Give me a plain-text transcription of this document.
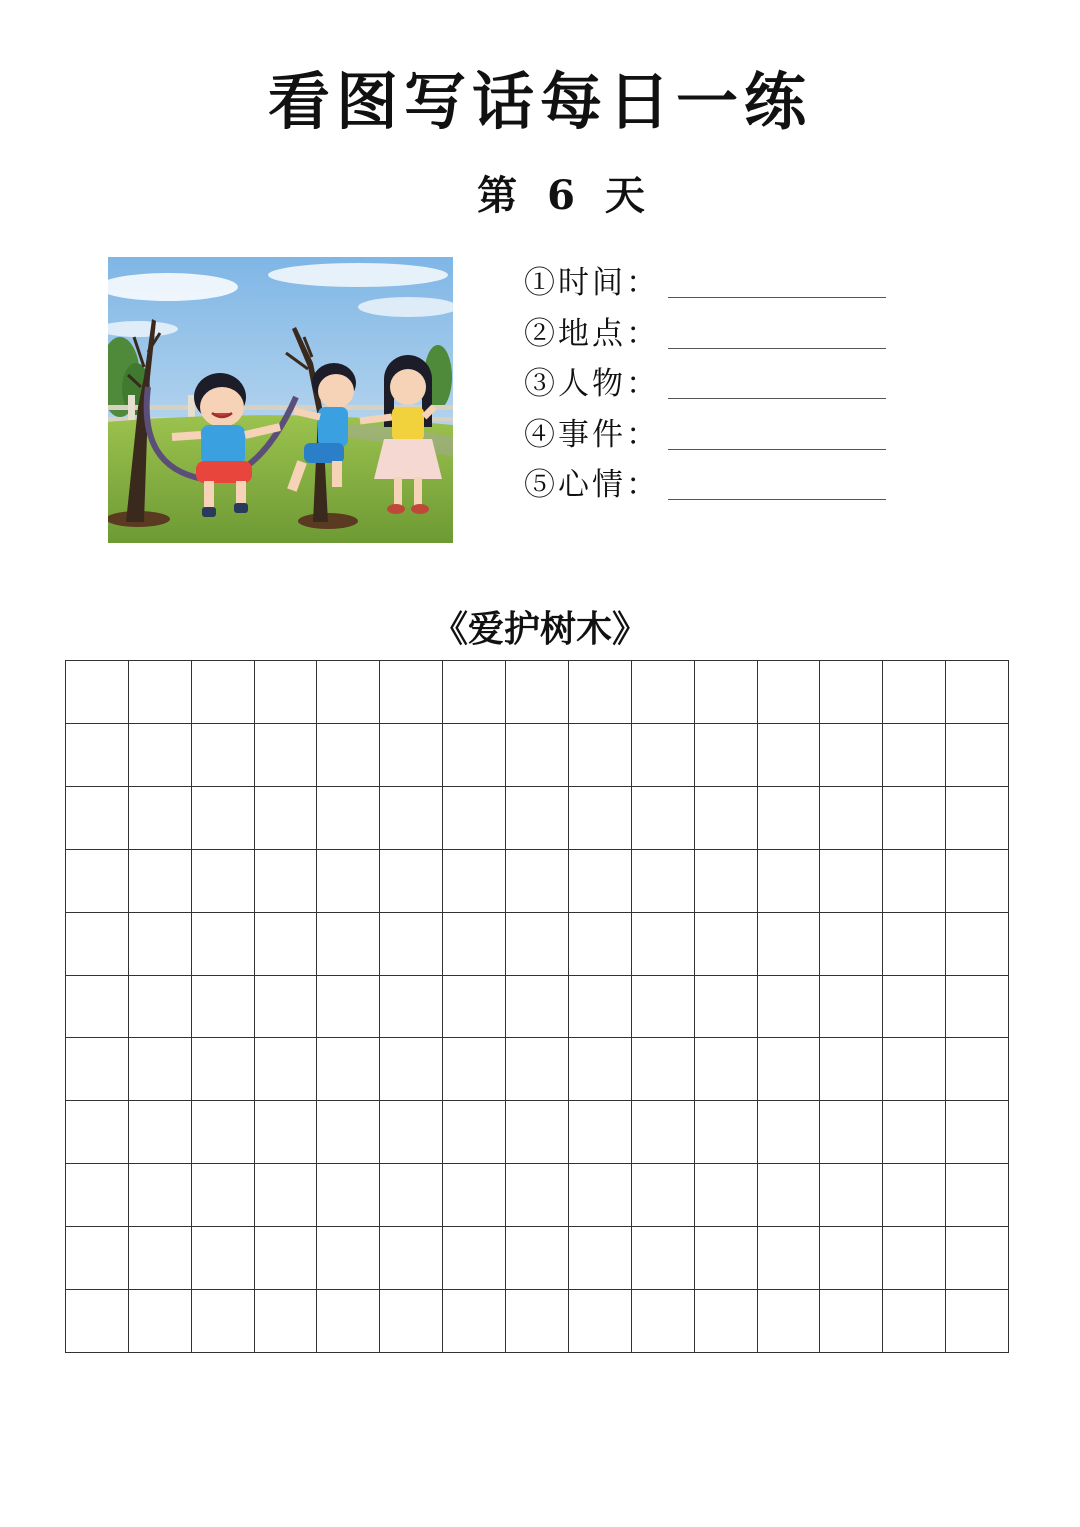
看图写话每日一练
第 6 天
①时间：
②地点：
③人物：
④事件：
⑤心情：
《爱护树木》
